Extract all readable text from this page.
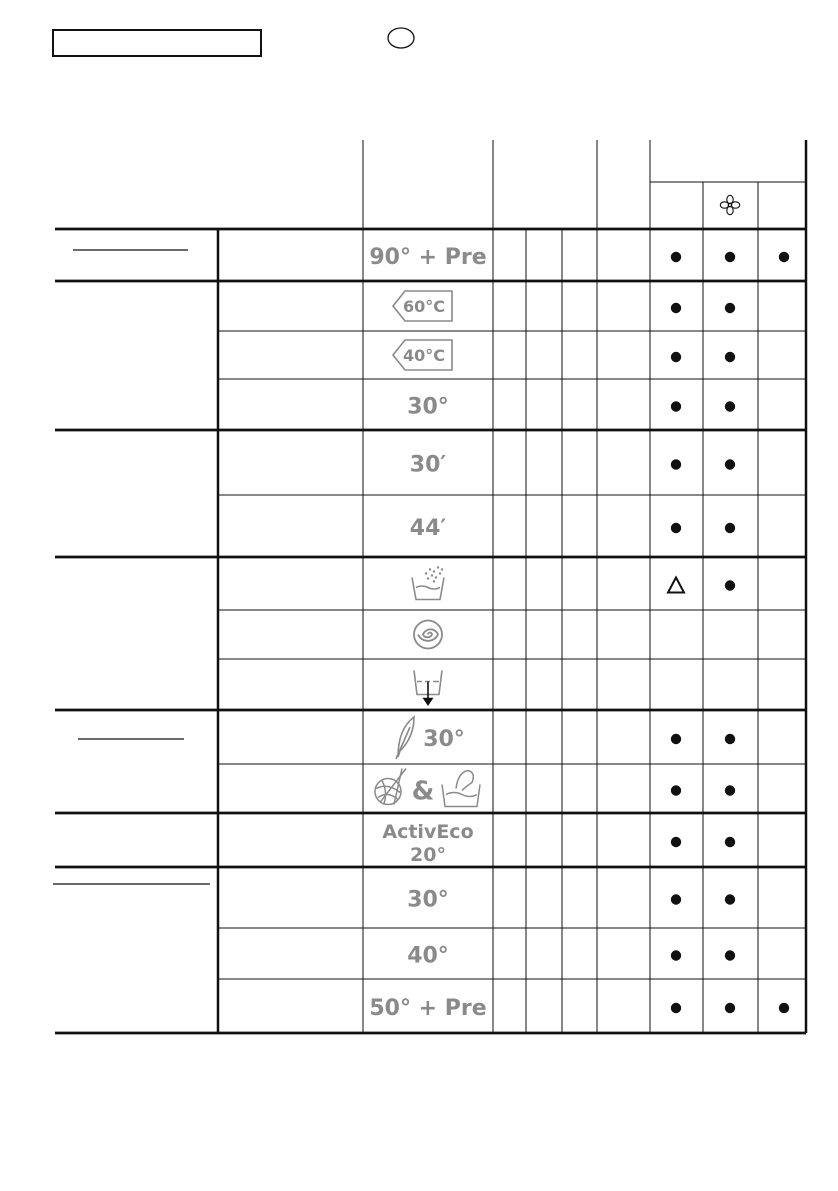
90° + Pre
60°C
40°C
30°
30′
44′
30°
&
ActivEco
20°
30°
40°
50° + Pre
